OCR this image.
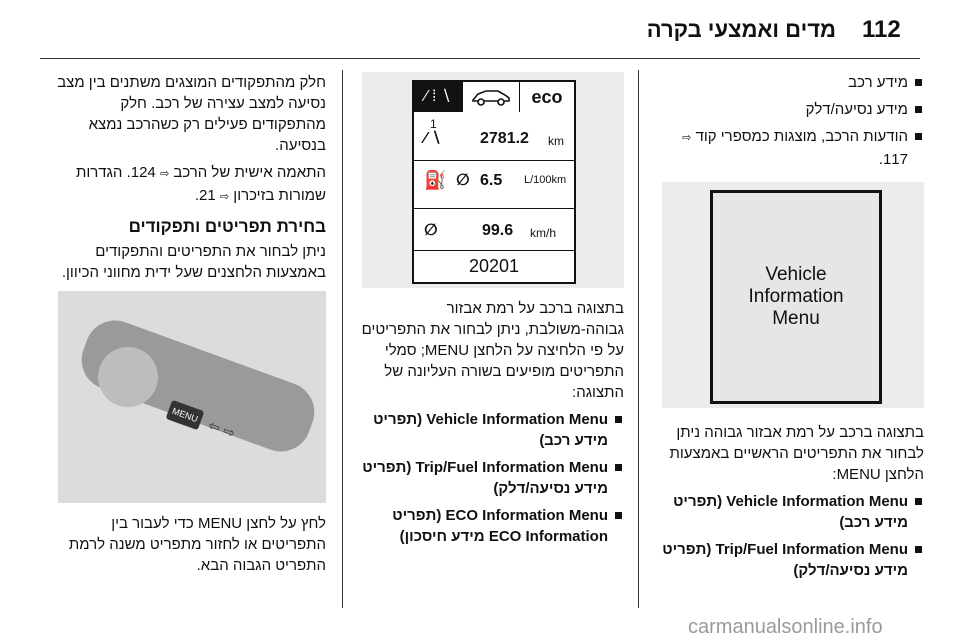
112
מדים ואמצעי בקרה
מידע רכב
מידע נסיעה/דלק
הודעות הרכב, מוצגות כמספרי קוד ⇨ 117.
Vehicle
Information
Menu

בתצוגה ברכב על רמת אבזור גבוהה ניתן לבחור את התפריטים הראשיים באמצעות הלחצן MENU:

Vehicle Information Menu (תפריט מידע רכב)
Trip/Fuel Information Menu (תפריט מידע נסיעה/דלק)
⁄ ⁞ ∖	eco
1
⁄ ∖ 2781.2 km
⛽ ∅ 6.5 L/100km
∅	99.6 km/h
20201

בתצוגה ברכב על רמת אבזור גבוהה-משולבת, ניתן לבחור את התפריטים על פי הלחיצה על הלחצן MENU; סמלי התפריטים מופיעים בשורה העליונה של התצוגה:

Vehicle Information Menu (תפריט מידע רכב)
Trip/Fuel Information Menu (תפריט מידע נסיעה/דלק)
ECO Information Menu (תפריט ECO Information מידע חיסכון)

חלק מהתפקודים המוצגים משתנים בין מצב נסיעה למצב עצירה של רכב. חלק מהתפקודים פעילים רק כשהרכב נמצא בנסיעה.

התאמה אישית של הרכב ⇨ 124. הגדרות שמורות בזיכרון ⇨ 21.

בחירת תפריטים ותפקודים

ניתן לבחור את התפריטים והתפקודים באמצעות הלחצנים שעל ידית מחווני הכיוון.

MENU
⇦ ⇨

לחץ על לחצן MENU כדי לעבור בין התפריטים או לחזור מתפריט משנה לרמת התפריט הגבוה הבא.

carmanualsonline.info
